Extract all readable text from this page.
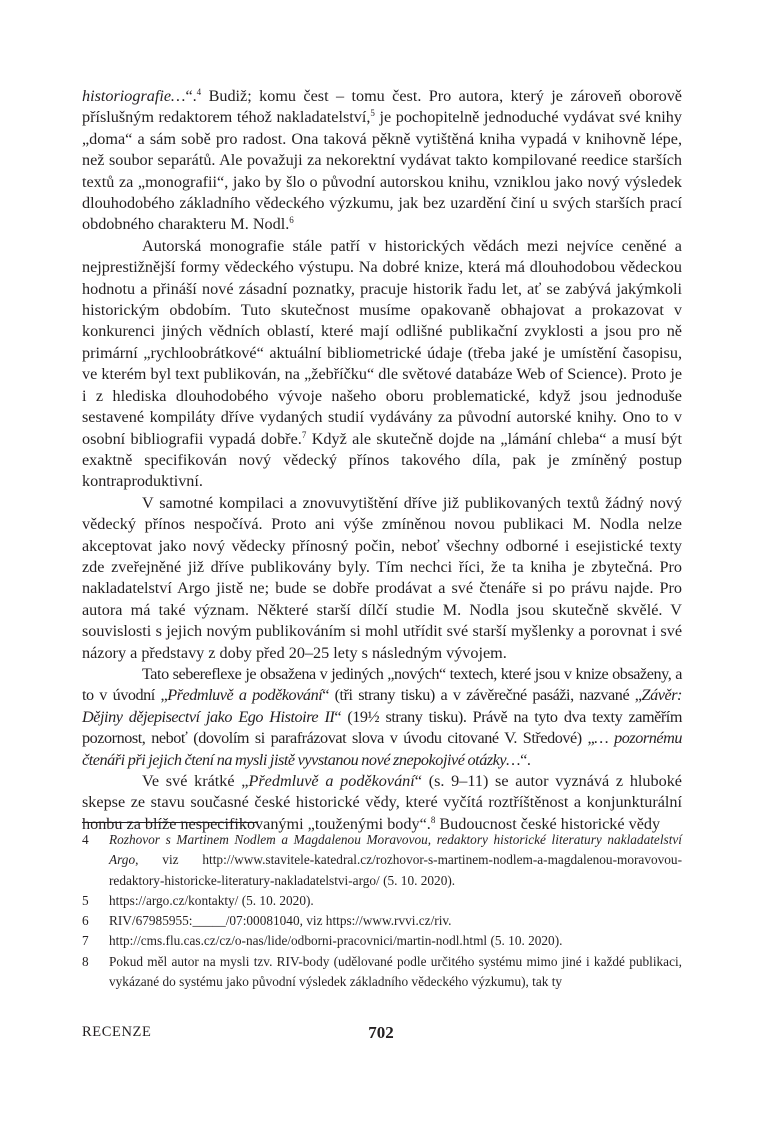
historiografie…“.$^4$ Budiž; komu čest – tomu čest. Pro autora, který je zároveň oborově příslušným redaktorem téhož nakladatelství,$^5$ je pochopitelně jednoduché vydávat své knihy „doma“ a sám sobě pro radost. Ona taková pěkně vytištěná kniha vypadá v knihovně lépe, než soubor separátů. Ale považuji za nekorektní vydávat takto kompilované reedice starších textů za „monografii“, jako by šlo o původní autorskou knihu, vzniklou jako nový výsledek dlouhodobého základního vědeckého výzkumu, jak bez uzardění činí u svých starších prací obdobného charakteru M. Nodl.$^6$

Autorská monografie stále patří v historických vědách mezi nejvíce ceněné a nejprestižnější formy vědeckého výstupu. Na dobré knize, která má dlouhodobou vědeckou hodnotu a přináší nové zásadní poznatky, pracuje historik řadu let, ať se zabývá jakýmkoli historickým obdobím. Tuto skutečnost musíme opakovaně obhajovat a prokazovat v konkurenci jiných vědních oblastí, které mají odlišné publikační zvyklosti a jsou pro ně primární „rychloobrátkové“ aktuální bibliometrické údaje (třeba jaké je umístění časopisu, ve kterém byl text publikován, na „žebříčku“ dle světové databáze Web of Science). Proto je i z hlediska dlouhodobého vývoje našeho oboru problematické, když jsou jednoduše sestavené kompiláty dříve vydaných studií vydávány za původní autorské knihy. Ono to v osobní bibliografii vypadá dobře.$^7$ Když ale skutečně dojde na „lámání chleba“ a musí být exaktně specifikován nový vědecký přínos takového díla, pak je zmíněný postup kontraproduktivní.

V samotné kompilaci a znovuvytištění dříve již publikovaných textů žádný nový vědecký přínos nespočívá. Proto ani výše zmíněnou novou publikaci M. Nodla nelze akceptovat jako nový vědecky přínosný počin, neboť všechny odborné i esejistické texty zde zveřejněné již dříve publikovány byly. Tím nechci říci, že ta kniha je zbytečná. Pro nakladatelství Argo jistě ne; bude se dobře prodávat a své čtenáře si po právu najde. Pro autora má také význam. Některé starší dílčí studie M. Nodla jsou skutečně skvělé. V souvislosti s jejich novým publikováním si mohl utřídit své starší myšlenky a porovnat i své názory a představy z doby před 20–25 lety s následným vývojem.

Tato sebereflexe je obsažena v jediných „nových“ textech, které jsou v knize obsaženy, a to v úvodní „Předmluvě a poděkování“ (tři strany tisku) a v závěrečné pasáži, nazvané „Závěr: Dějiny dějepisectví jako Ego Histoire II“ (19½ strany tisku). Právě na tyto dva texty zaměřím pozornost, neboť (dovolím si parafrázovat slova v úvodu citované V. Středové) „… pozornému čtenáři při jejich čtení na mysli jistě vyvstanou nové znepokojivé otázky…“.

Ve své krátké „Předmluvě a poděkování“ (s. 9–11) se autor vyznává z hluboké skepse ze stavu současné české historické vědy, které vyčítá roztříštěnost a konjunkturální honbu za blíže nespecifikovanými „touženými body“.$^8$ Budoucnost české historické vědy

4	Rozhovor s Martinem Nodlem a Magdalenou Moravovou, redaktory historické literatury nakladatelství Argo, viz http://www.stavitele-katedral.cz/rozhovor-s-martinem-nodlem-a-magdalenou-moravovou-redaktory-historicke-literatury-nakladatelstvi-argo/ (5. 10. 2020).
5	https://argo.cz/kontakty/ (5. 10. 2020).
6	RIV/67985955:_____/07:00081040, viz https://www.rvvi.cz/riv.
7	http://cms.flu.cas.cz/cz/o-nas/lide/odborni-pracovnici/martin-nodl.html (5. 10. 2020).
8	Pokud měl autor na mysli tzv. RIV-body (udělované podle určitého systému mimo jiné i každé publikaci, vykázané do systému jako původní výsledek základního vědeckého výzkumu), tak ty
RECENZE	702
